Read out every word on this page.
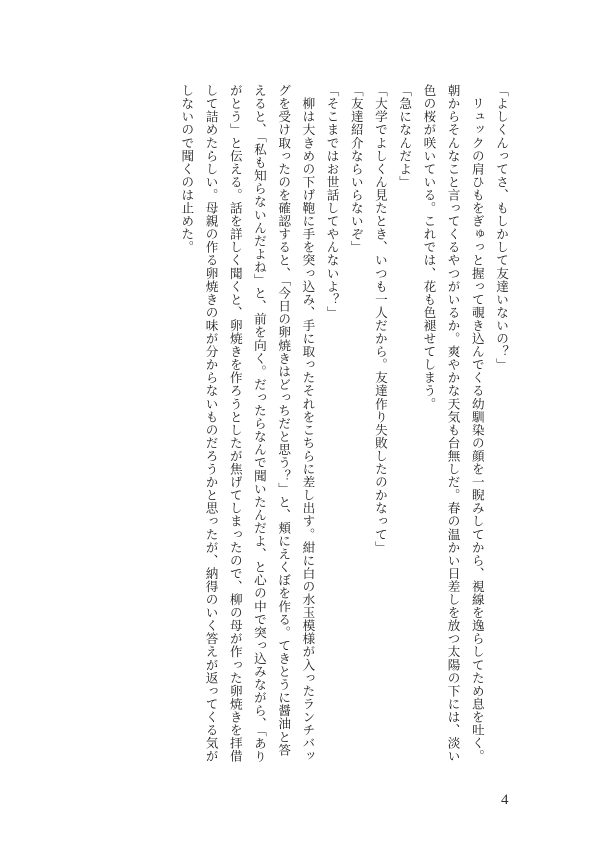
「よしくんってさ、もしかして友達いないの？」
　リュックの肩ひもをぎゅっと握って覗き込んでくる幼馴染の顔を一睨みしてから、視線を逸らしてため息を吐く。
朝からそんなこと言ってくるやつがいるか。爽やかな天気も台無しだ。春の温かい日差しを放つ太陽の下には、淡い
色の桜が咲いている。これでは、花も色褪せてしまう。
「急になんだよ」
「大学でよしくん見たとき、いつも一人だから。友達作り失敗したのかなって」
「友達紹介ならいらないぞ」
「そこまではお世話してやんないよ？」
　柳は大きめの下げ鞄に手を突っ込み、手に取ったそれをこちらに差し出す。紺に白の水玉模様が入ったランチバッ
グを受け取ったのを確認すると、「今日の卵焼きはどっちだと思う？」と、頬にえくぼを作る。てきとうに醤油と答
えると、「私も知らないんだよね」と、前を向く。だったらなんで聞いたんだよ、と心の中で突っ込みながら、「あり
がとう」と伝える。話を詳しく聞くと、卵焼きを作ろうとしたが焦げてしまったので、柳の母が作った卵焼きを拝借
して詰めたらしい。母親の作る卵焼きの味が分からないものだろうかと思ったが、納得のいく答えが返ってくる気が
しないので聞くのは止めた。
4
